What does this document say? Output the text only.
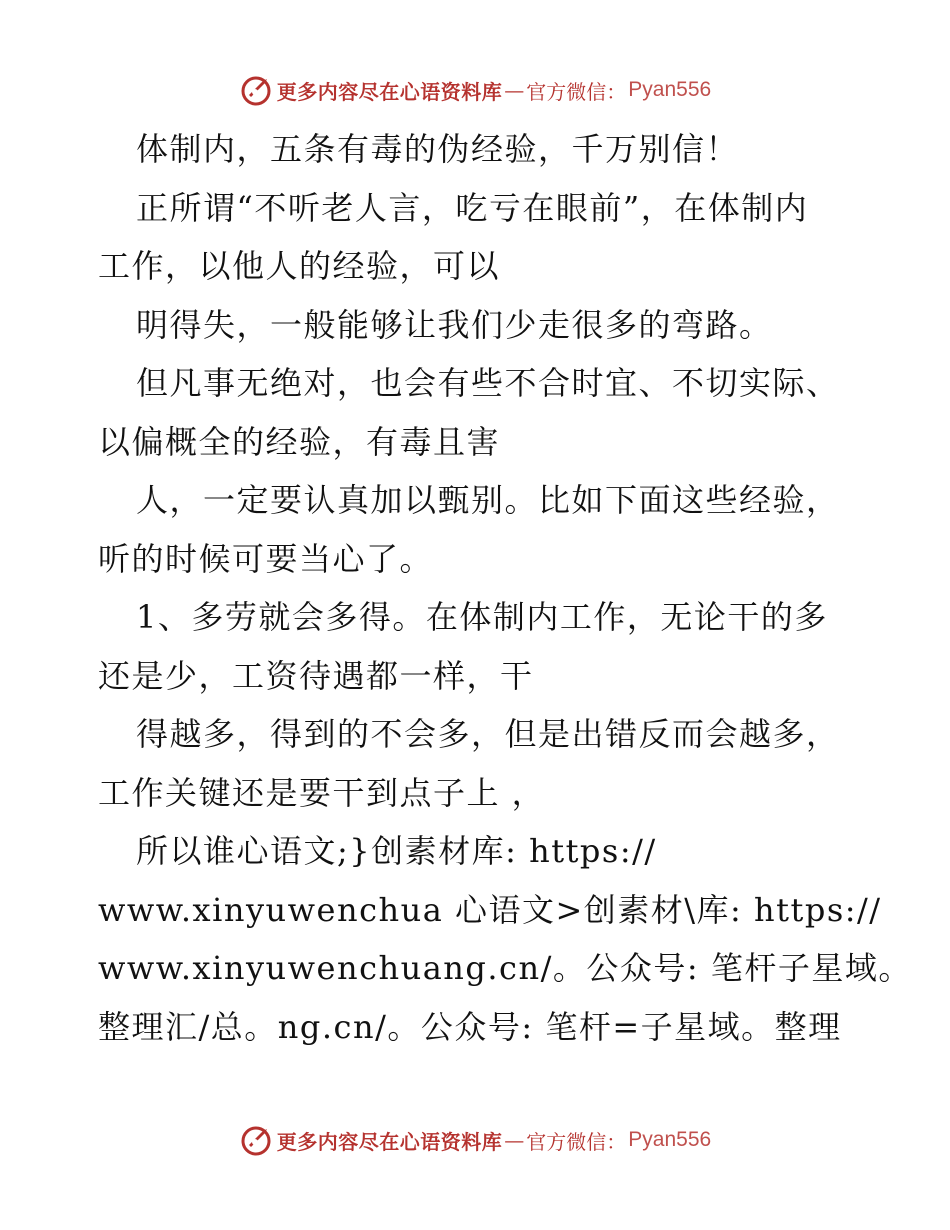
更多内容尽在心语资料库 — 官方微信： Pyan556
体制内，五条有毒的伪经验，千万别信！
正所谓“不听老人言，吃亏在眼前”，在体制内
工作，以他人的经验，可以
明得失，一般能够让我们少走很多的弯路。
但凡事无绝对，也会有些不合时宜、不切实际、
以偏概全的经验，有毒且害
人，一定要认真加以甄别。比如下面这些经验，
听的时候可要当心了。
1、多劳就会多得。在体制内工作，无论干的多
还是少，工资待遇都一样，干
得越多，得到的不会多，但是出错反而会越多，
工作关键还是要干到点子上 ，
所以谁心语文;}创素材库: https://
www.xinyuwenchua 心语文>创素材\库: https://
www.xinyuwenchuang.cn/。公众号: 笔杆子星域。
整理汇/总。ng.cn/。公众号: 笔杆=子星域。整理
更多内容尽在心语资料库 — 官方微信： Pyan556
